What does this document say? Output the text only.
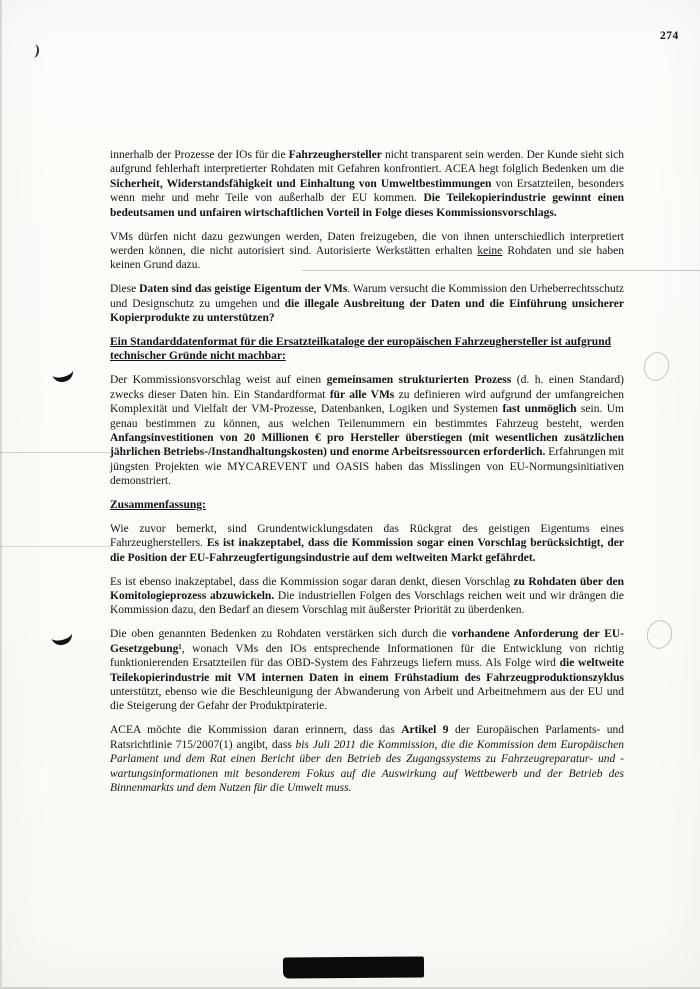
274

innerhalb der Prozesse der IOs für die Fahrzeughersteller nicht transparent sein werden. Der Kunde sieht sich aufgrund fehlerhaft interpretierter Rohdaten mit Gefahren konfrontiert. ACEA hegt folglich Bedenken um die Sicherheit, Widerstandsfähigkeit und Einhaltung von Umweltbestimmungen von Ersatzteilen, besonders wenn mehr und mehr Teile von außerhalb der EU kommen. Die Teilekopierindustrie gewinnt einen bedeutsamen und unfairen wirtschaftlichen Vorteil in Folge dieses Kommissionsvorschlags.

VMs dürfen nicht dazu gezwungen werden, Daten freizugeben, die von ihnen unterschiedlich interpretiert werden können, die nicht autorisiert sind. Autorisierte Werkstätten erhalten keine Rohdaten und sie haben keinen Grund dazu.

Diese Daten sind das geistige Eigentum der VMs. Warum versucht die Kommission den Urheberrechtsschutz und Designschutz zu umgehen und die illegale Ausbreitung der Daten und die Einführung unsicherer Kopierprodukte zu unterstützen?

Ein Standarddatenformat für die Ersatzteilkataloge der europäischen Fahrzeughersteller ist aufgrund technischer Gründe nicht machbar:

Der Kommissionsvorschlag weist auf einen gemeinsamen strukturierten Prozess (d. h. einen Standard) zwecks dieser Daten hin. Ein Standardformat für alle VMs zu definieren wird aufgrund der umfangreichen Komplexität und Vielfalt der VM-Prozesse, Datenbanken, Logiken und Systemen fast unmöglich sein. Um genau bestimmen zu können, aus welchen Teilenummern ein bestimmtes Fahrzeug besteht, werden Anfangsinvestitionen von 20 Millionen € pro Hersteller überstiegen (mit wesentlichen zusätzlichen jährlichen Betriebs-/Instandhaltungskosten) und enorme Arbeitsressourcen erforderlich. Erfahrungen mit jüngsten Projekten wie MYCAREVENT und OASIS haben das Misslingen von EU-Normungsinitiativen demonstriert.

Zusammenfassung:

Wie zuvor bemerkt, sind Grundentwicklungsdaten das Rückgrat des geistigen Eigentums eines Fahrzeugherstellers. Es ist inakzeptabel, dass die Kommission sogar einen Vorschlag berücksichtigt, der die Position der EU-Fahrzeugfertigungsindustrie auf dem weltweiten Markt gefährdet.

Es ist ebenso inakzeptabel, dass die Kommission sogar daran denkt, diesen Vorschlag zu Rohdaten über den Komitologieprozess abzuwickeln. Die industriellen Folgen des Vorschlags reichen weit und wir drängen die Kommission dazu, den Bedarf an diesem Vorschlag mit äußerster Priorität zu überdenken.

Die oben genannten Bedenken zu Rohdaten verstärken sich durch die vorhandene Anforderung der EU-Gesetzgebung¹, wonach VMs den IOs entsprechende Informationen für die Entwicklung von richtig funktionierenden Ersatzteilen für das OBD-System des Fahrzeugs liefern muss. Als Folge wird die weltweite Teilekopierindustrie mit VM internen Daten in einem Frühstadium des Fahrzeugproduktionszyklus unterstützt, ebenso wie die Beschleunigung der Abwanderung von Arbeit und Arbeitnehmern aus der EU und die Steigerung der Gefahr der Produktpiraterie.

ACEA möchte die Kommission daran erinnern, dass das Artikel 9 der Europäischen Parlaments- und Ratsrichtlinie 715/2007(1) angibt, dass bis Juli 2011 die Kommission, die die Kommission dem Europäischen Parlament und dem Rat einen Bericht über den Betrieb des Zugangssystems zu Fahrzeugreparatur- und -wartungsinformationen mit besonderem Fokus auf die Auswirkung auf Wettbewerb und der Betrieb des Binnenmarkts und dem Nutzen für die Umwelt muss.
